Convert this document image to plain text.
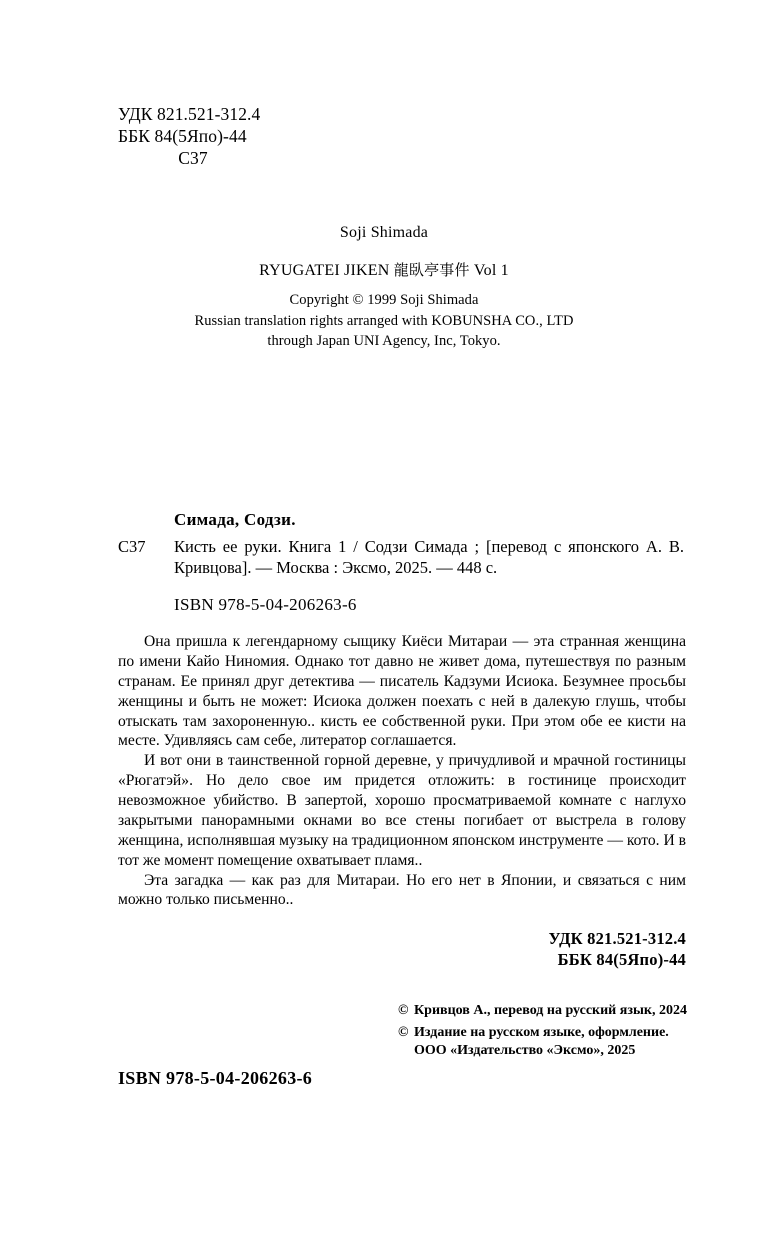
УДК 821.521-312.4
ББК 84(5Япо)-44
С37
Soji Shimada
RYUGATEI JIKEN 龍臥亭事件 Vol 1
Copyright © 1999 Soji Shimada
Russian translation rights arranged with KOBUNSHA CO., LTD
through Japan UNI Agency, Inc, Tokyo.
Симада, Содзи.
С37 Кисть ее руки. Книга 1 / Содзи Симада ; [перевод с японского А. В. Кривцова]. — Москва : Эксмо, 2025. — 448 с.
ISBN 978-5-04-206263-6

Она пришла к легендарному сыщику Киёси Митараи — эта странная женщина по имени Кайо Ниномия. Однако тот давно не живет дома, путешествуя по разным странам. Ее принял друг детектива — писатель Кадзуми Исиока. Безумнее просьбы женщины и быть не может: Исиока должен поехать с ней в далекую глушь, чтобы отыскать там захороненную.. кисть ее собственной руки. При этом обе ее кисти на месте. Удивляясь сам себе, литератор соглашается.

И вот они в таинственной горной деревне, у причудливой и мрачной гостиницы «Рюгатэй». Но дело свое им придется отложить: в гостинице происходит невозможное убийство. В запертой, хорошо просматриваемой комнате с наглухо закрытыми панорамными окнами во все стены погибает от выстрела в голову женщина, исполнявшая музыку на традиционном японском инструменте — кото. И в тот же момент помещение охватывает пламя..

Эта загадка — как раз для Митараи. Но его нет в Японии, и связаться с ним можно только письменно..

УДК 821.521-312.4
ББК 84(5Япо)-44
© Кривцов А., перевод на русский язык, 2024
© Издание на русском языке, оформление. ООО «Издательство «Эксмо», 2025
ISBN 978-5-04-206263-6
